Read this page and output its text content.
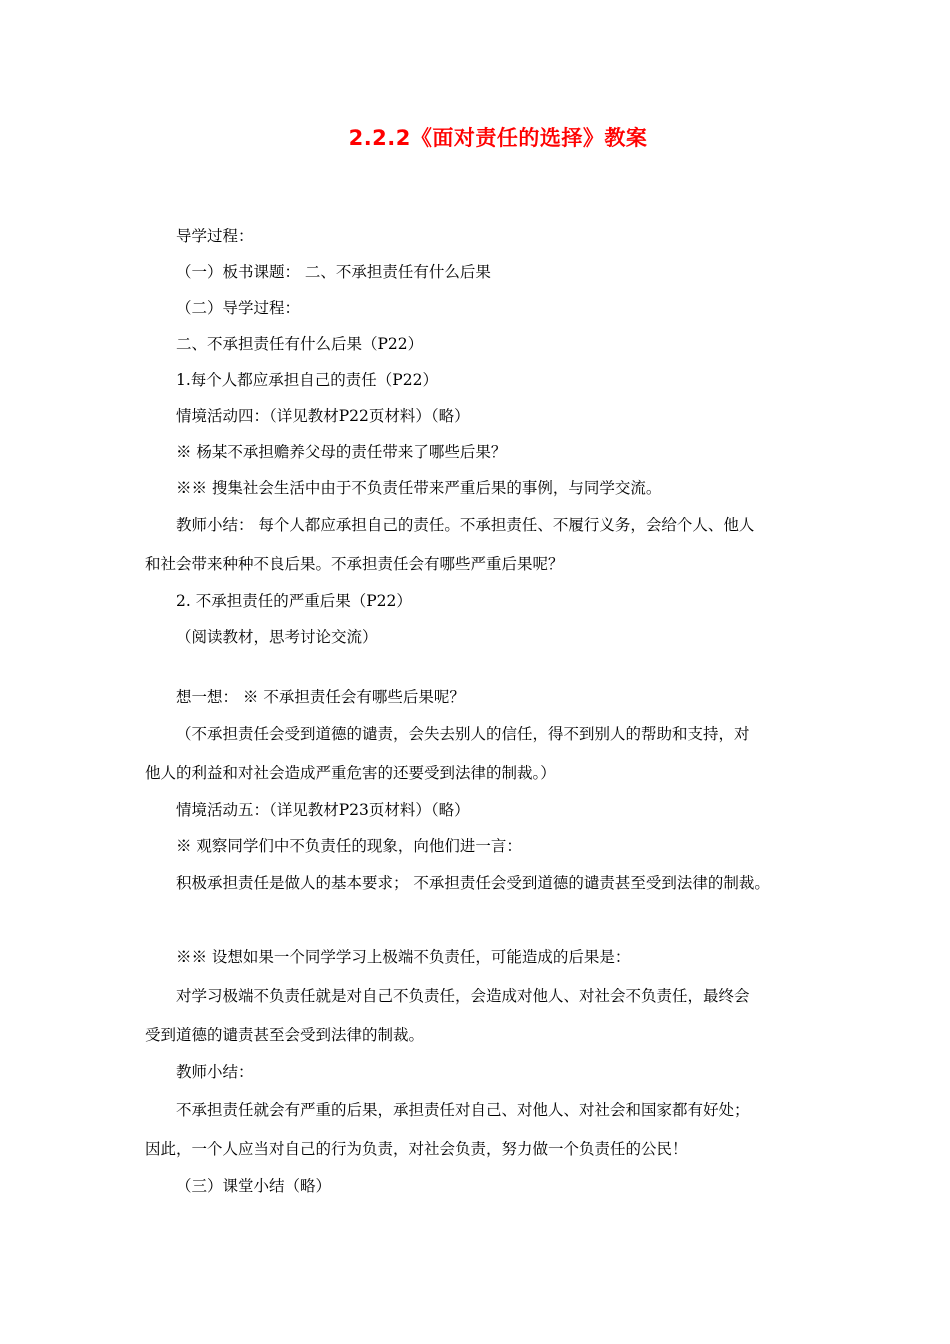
2.2.2《面对责任的选择》教案
导学过程：
（一）板书课题： 二、不承担责任有什么后果
（二）导学过程：
二、不承担责任有什么后果（P22）
1.每个人都应承担自己的责任（P22）
情境活动四：（详见教材P22页材料）（略）
※ 杨某不承担赡养父母的责任带来了哪些后果？
※※ 搜集社会生活中由于不负责任带来严重后果的事例，与同学交流。
教师小结： 每个人都应承担自己的责任。不承担责任、不履行义务，会给个人、他人
和社会带来种种不良后果。不承担责任会有哪些严重后果呢？
2. 不承担责任的严重后果（P22）
（阅读教材，思考讨论交流）
想一想： ※ 不承担责任会有哪些后果呢？
（不承担责任会受到道德的谴责，会失去别人的信任，得不到别人的帮助和支持，对
他人的利益和对社会造成严重危害的还要受到法律的制裁。）
情境活动五：（详见教材P23页材料）（略）
※ 观察同学们中不负责任的现象，向他们进一言：
积极承担责任是做人的基本要求； 不承担责任会受到道德的谴责甚至受到法律的制裁。
※※ 设想如果一个同学学习上极端不负责任，可能造成的后果是：
对学习极端不负责任就是对自己不负责任，会造成对他人、对社会不负责任，最终会
受到道德的谴责甚至会受到法律的制裁。
教师小结：
不承担责任就会有严重的后果，承担责任对自己、对他人、对社会和国家都有好处；
因此，一个人应当对自己的行为负责，对社会负责，努力做一个负责任的公民！
（三）课堂小结（略）
